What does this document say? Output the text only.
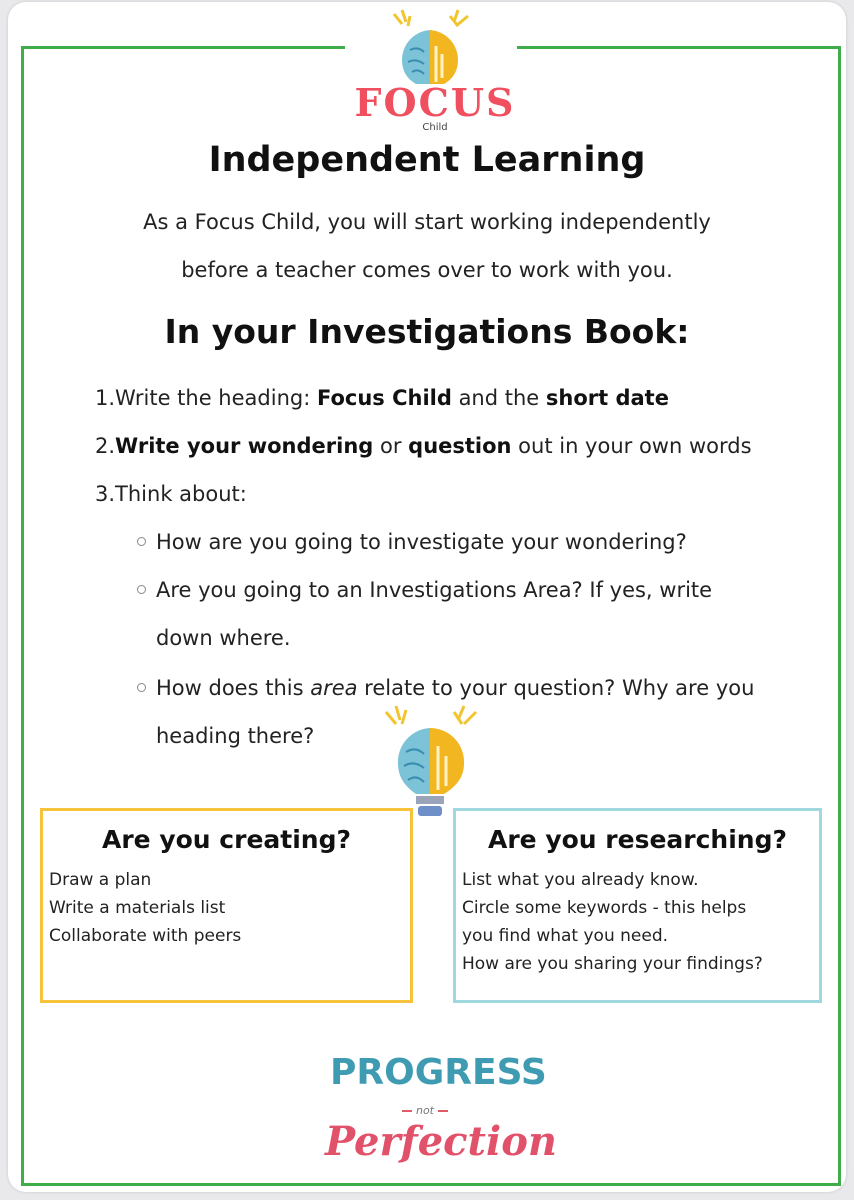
FOCUS
Child
Independent Learning
As a Focus Child, you will start working independently
before a teacher comes over to work with you.
In your Investigations Book:
1.Write the heading: Focus Child and the short date
2.Write your wondering or question out in your own words
3.Think about:
How are you going to investigate your wondering?
Are you going to an Investigations Area? If yes, write
down where.
How does this area relate to your question? Why are you
heading there?
Are you creating?
Draw a plan
Write a materials list
Collaborate with peers
Are you researching?
List what you already know.
Circle some keywords - this helps
you find what you need.
How are you sharing your findings?
PROGRESS
not
Perfection
